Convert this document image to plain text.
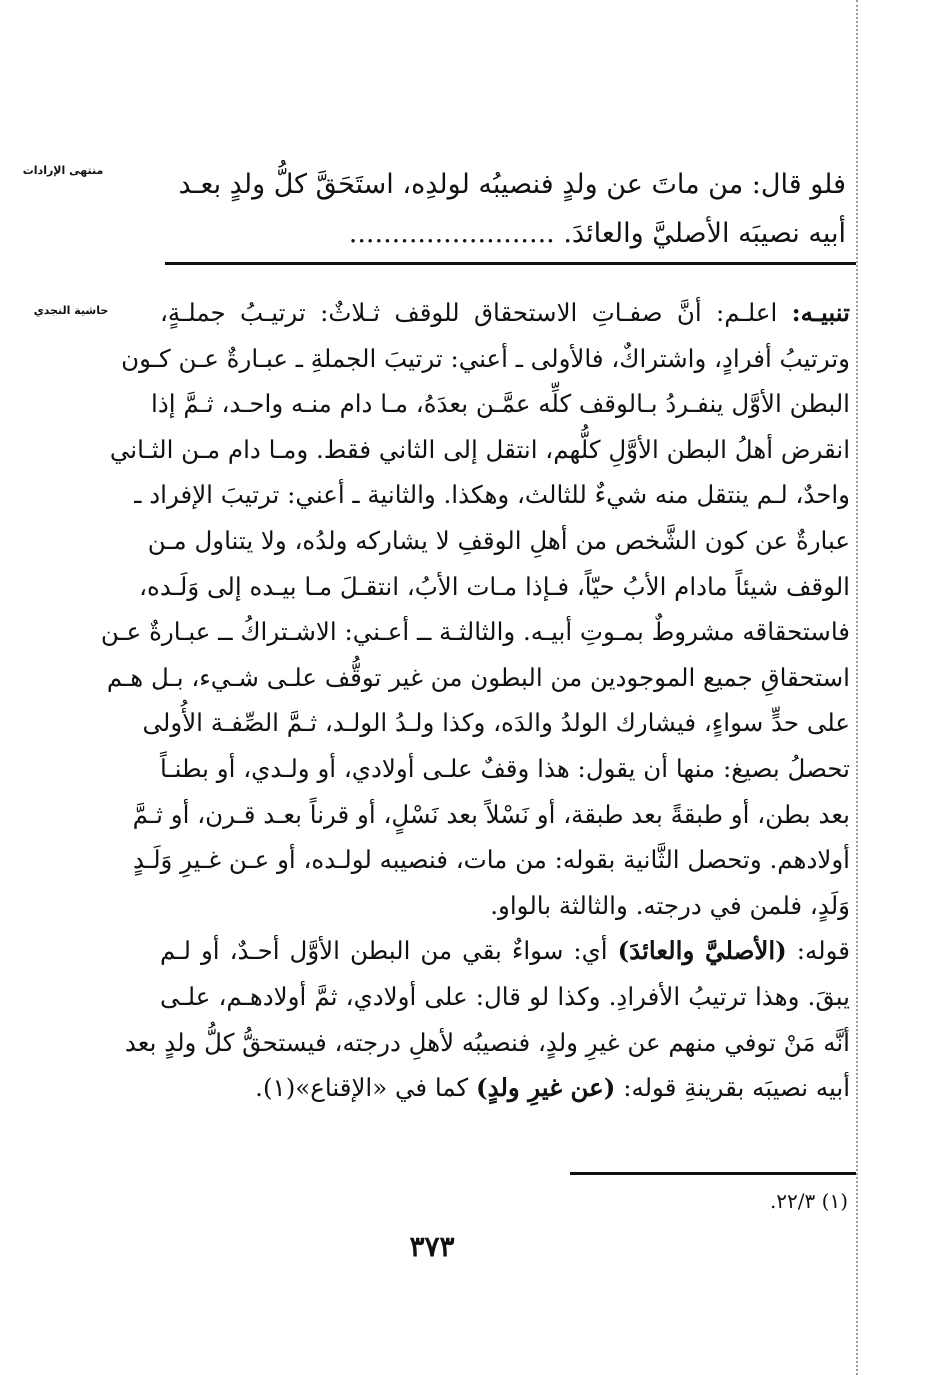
منتهى الإرادات
حاشية النجدي
فلو قال: من ماتَ عن ولدٍ فنصيبُه لولدِه، استَحَقَّ كلُّ ولدٍ بعـد
أبيه نصيبَه الأصليَّ والعائدَ. ........................
تنبيـه: اعلـم: أنَّ صفـاتِ الاستحقاق للوقف ثـلاثٌ: ترتيـبُ جملـةٍ،
وترتيبُ أفرادٍ، واشتراكٌ، فالأولى ـ أعني: ترتيبَ الجملةِ ـ عبـارةٌ عـن كـون
البطن الأوَّل ينفـردُ بـالوقف كلِّه عمَّـن بعدَهُ، مـا دام منـه واحـد، ثـمَّ إذا
انقرض أهلُ البطن الأوَّلِ كلُّهم، انتقل إلى الثاني فقط. ومـا دام مـن الثـاني
واحدٌ، لـم ينتقل منه شيءٌ للثالث، وهكذا. والثانية ـ أعني: ترتيبَ الإفراد ـ
عبارةٌ عن كون الشَّخص من أهلِ الوقفِ لا يشاركه ولدُه، ولا يتناول مـن
الوقف شيئاً مادام الأبُ حيّاً، فـإذا مـات الأبُ، انتقـلَ مـا بيـده إلى وَلَـده،
فاستحقاقه مشروطٌ بمـوتِ أبيـه. والثالثـة ــ أعـني: الاشـتراكُ ــ عبـارةٌ عـن
استحقاقِ جميع الموجودين من البطون من غير توقُّف علـى شـيء، بـل هـم
على حدٍّ سواءٍ، فيشارك الولدُ والدَه، وكذا ولـدُ الولـد، ثـمَّ الصِّفـة الأُولى
تحصلُ بصيغ: منها أن يقول: هذا وقفٌ علـى أولادي، أو ولـدي، أو بطنـاً
بعد بطن، أو طبقةً بعد طبقة، أو نَسْلاً بعد نَسْلٍ، أو قرناً بعـد قـرن، أو ثـمَّ
أولادهم. وتحصل الثَّانية بقوله: من مات، فنصيبه لولـده، أو عـن غـيرِ وَلَـدٍ
وَلَدٍ، فلمن في درجته. والثالثة بالواو.
قوله: (الأصليَّ والعائدَ) أي: سواءٌ بقي من البطن الأوَّل أحـدٌ، أو لـم
يبقَ. وهذا ترتيبُ الأفرادِ. وكذا لو قال: على أولادي، ثمَّ أولادهـم، علـى
أنَّه مَنْ توفي منهم عن غيرِ ولدٍ، فنصيبُه لأهلِ درجته، فيستحقُّ كلُّ ولدٍ بعد
أبيه نصيبَه بقرينةِ قوله: (عن غيرِ ولدٍ) كما في «الإقناع»(١).
(١) ٢٢/٣.
٣٧٣
